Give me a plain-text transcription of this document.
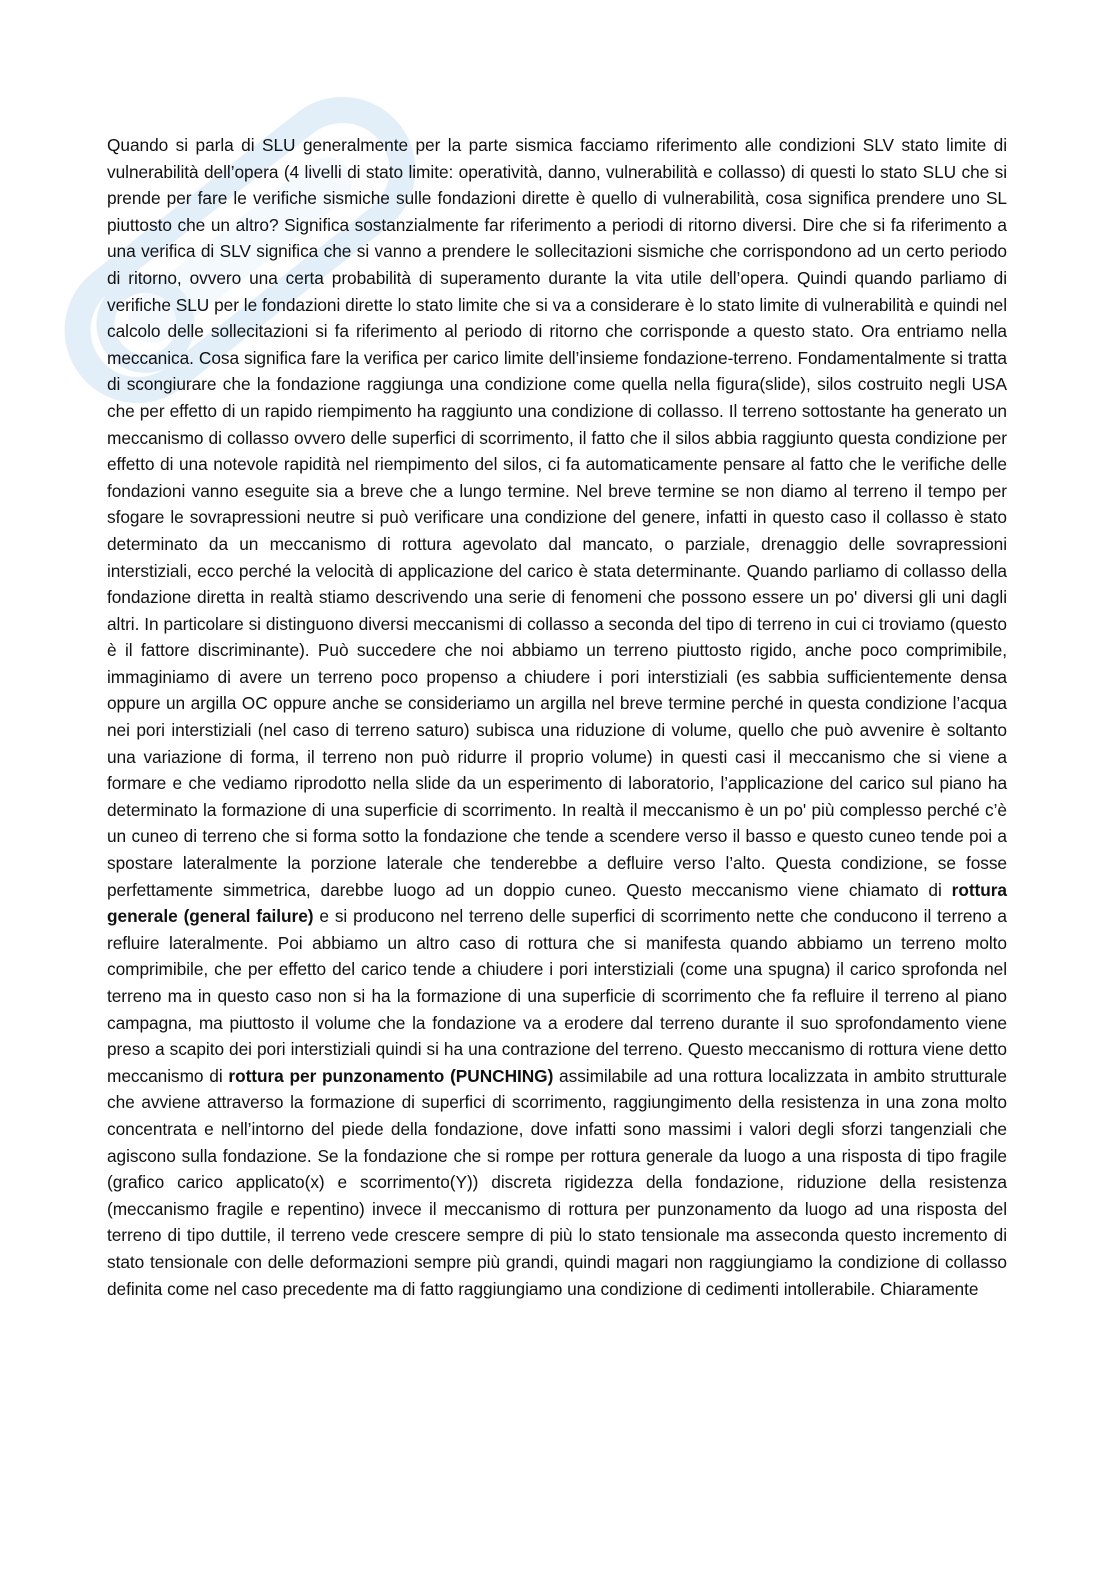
Quando si parla di SLU generalmente per la parte sismica facciamo riferimento alle condizioni SLV stato limite di vulnerabilità dell’opera (4 livelli di stato limite: operatività, danno, vulnerabilità e collasso) di questi lo stato SLU che si prende per fare le verifiche sismiche sulle fondazioni dirette è quello di vulnerabilità, cosa significa prendere uno SL piuttosto che un altro? Significa sostanzialmente far riferimento a periodi di ritorno diversi. Dire che si fa riferimento a una verifica di SLV significa che si vanno a prendere le sollecitazioni sismiche che corrispondono ad un certo periodo di ritorno, ovvero una certa probabilità di superamento durante la vita utile dell’opera. Quindi quando parliamo di verifiche SLU per le fondazioni dirette lo stato limite che si va a considerare è lo stato limite di vulnerabilità e quindi nel calcolo delle sollecitazioni si fa riferimento al periodo di ritorno che corrisponde a questo stato. Ora entriamo nella meccanica. Cosa significa fare la verifica per carico limite dell’insieme fondazione-terreno. Fondamentalmente si tratta di scongiurare che la fondazione raggiunga una condizione come quella nella figura(slide), silos costruito negli USA che per effetto di un rapido riempimento ha raggiunto una condizione di collasso. Il terreno sottostante ha generato un meccanismo di collasso ovvero delle superfici di scorrimento, il fatto che il silos abbia raggiunto questa condizione per effetto di una notevole rapidità nel riempimento del silos, ci fa automaticamente pensare al fatto che le verifiche delle fondazioni vanno eseguite sia a breve che a lungo termine. Nel breve termine se non diamo al terreno il tempo per sfogare le sovrapressioni neutre si può verificare una condizione del genere, infatti in questo caso il collasso è stato determinato da un meccanismo di rottura agevolato dal mancato, o parziale, drenaggio delle sovrapressioni interstiziali, ecco perché la velocità di applicazione del carico è stata determinante. Quando parliamo di collasso della fondazione diretta in realtà stiamo descrivendo una serie di fenomeni che possono essere un po' diversi gli uni dagli altri. In particolare si distinguono diversi meccanismi di collasso a seconda del tipo di terreno in cui ci troviamo (questo è il fattore discriminante). Può succedere che noi abbiamo un terreno piuttosto rigido, anche poco comprimibile, immaginiamo di avere un terreno poco propenso a chiudere i pori interstiziali (es sabbia sufficientemente densa oppure un argilla OC oppure anche se consideriamo un argilla nel breve termine perché in questa condizione l’acqua nei pori interstiziali (nel caso di terreno saturo) subisca una riduzione di volume, quello che può avvenire è soltanto una variazione di forma, il terreno non può ridurre il proprio volume) in questi casi il meccanismo che si viene a formare e che vediamo riprodotto nella slide da un esperimento di laboratorio, l’applicazione del carico sul piano ha determinato la formazione di una superficie di scorrimento. In realtà il meccanismo è un po' più complesso perché c’è un cuneo di terreno che si forma sotto la fondazione che tende a scendere verso il basso e questo cuneo tende poi a spostare lateralmente la porzione laterale che tenderebbe a defluire verso l’alto. Questa condizione, se fosse perfettamente simmetrica, darebbe luogo ad un doppio cuneo. Questo meccanismo viene chiamato di rottura generale (general failure) e si producono nel terreno delle superfici di scorrimento nette che conducono il terreno a refluire lateralmente. Poi abbiamo un altro caso di rottura che si manifesta quando abbiamo un terreno molto comprimibile, che per effetto del carico tende a chiudere i pori interstiziali (come una spugna) il carico sprofonda nel terreno ma in questo caso non si ha la formazione di una superficie di scorrimento che fa refluire il terreno al piano campagna, ma piuttosto il volume che la fondazione va a erodere dal terreno durante il suo sprofondamento viene preso a scapito dei pori interstiziali quindi si ha una contrazione del terreno. Questo meccanismo di rottura viene detto meccanismo di rottura per punzonamento (PUNCHING) assimilabile ad una rottura localizzata in ambito strutturale che avviene attraverso la formazione di superfici di scorrimento, raggiungimento della resistenza in una zona molto concentrata e nell’intorno del piede della fondazione, dove infatti sono massimi i valori degli sforzi tangenziali che agiscono sulla fondazione. Se la fondazione che si rompe per rottura generale da luogo a una risposta di tipo fragile (grafico carico applicato(x) e scorrimento(Y)) discreta rigidezza della fondazione, riduzione della resistenza (meccanismo fragile e repentino) invece il meccanismo di rottura per punzonamento da luogo ad una risposta del terreno di tipo duttile, il terreno vede crescere sempre di più lo stato tensionale ma asseconda questo incremento di stato tensionale con delle deformazioni sempre più grandi, quindi magari non raggiungiamo la condizione di collasso definita come nel caso precedente ma di fatto raggiungiamo una condizione di cedimenti intollerabile. Chiaramente
